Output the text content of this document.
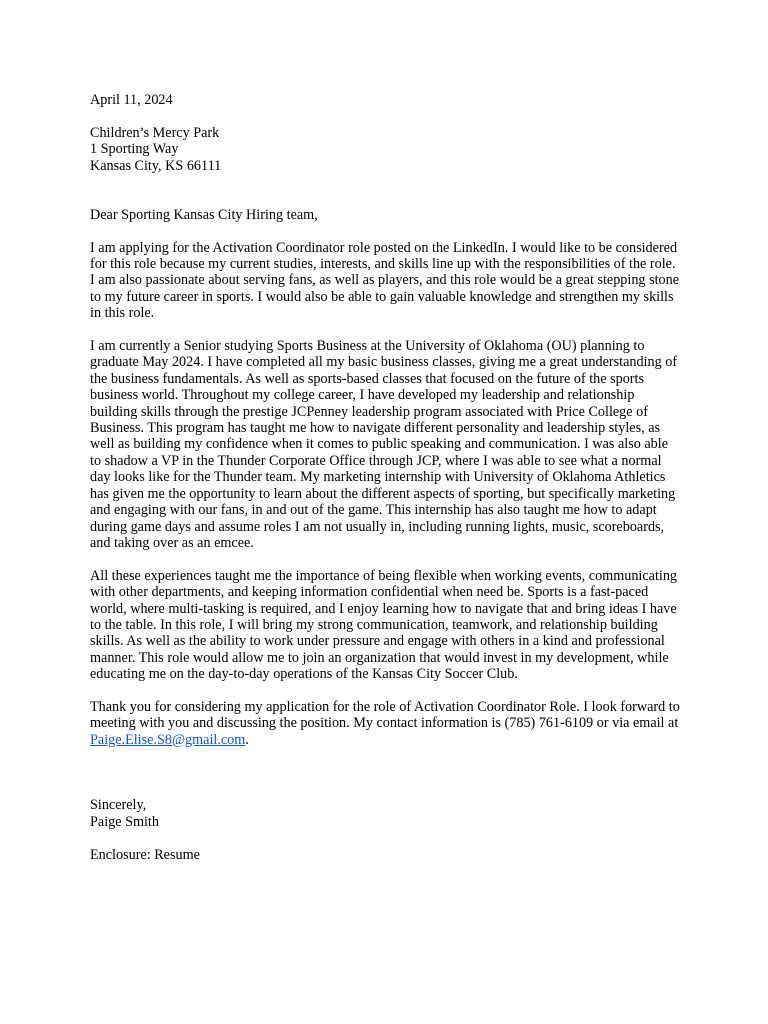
April 11, 2024

Children’s Mercy Park

1 Sporting Way

Kansas City, KS 66111

Dear Sporting Kansas City Hiring team,

I am applying for the Activation Coordinator role posted on the LinkedIn. I would like to be considered for this role because my current studies, interests, and skills line up with the responsibilities of the role. I am also passionate about serving fans, as well as players, and this role would be a great stepping stone to my future career in sports. I would also be able to gain valuable knowledge and strengthen my skills in this role.

I am currently a Senior studying Sports Business at the University of Oklahoma (OU) planning to graduate May 2024. I have completed all my basic business classes, giving me a great understanding of the business fundamentals. As well as sports-based classes that focused on the future of the sports business world. Throughout my college career, I have developed my leadership and relationship building skills through the prestige JCPenney leadership program associated with Price College of Business. This program has taught me how to navigate different personality and leadership styles, as well as building my confidence when it comes to public speaking and communication. I was also able to shadow a VP in the Thunder Corporate Office through JCP, where I was able to see what a normal day looks like for the Thunder team. My marketing internship with University of Oklahoma Athletics has given me the opportunity to learn about the different aspects of sporting, but specifically marketing and engaging with our fans, in and out of the game. This internship has also taught me how to adapt during game days and assume roles I am not usually in, including running lights, music, scoreboards, and taking over as an emcee.

All these experiences taught me the importance of being flexible when working events, communicating with other departments, and keeping information confidential when need be. Sports is a fast-paced world, where multi-tasking is required, and I enjoy learning how to navigate that and bring ideas I have to the table. In this role, I will bring my strong communication, teamwork, and relationship building skills. As well as the ability to work under pressure and engage with others in a kind and professional manner. This role would allow me to join an organization that would invest in my development, while educating me on the day-to-day operations of the Kansas City Soccer Club.

Thank you for considering my application for the role of Activation Coordinator Role. I look forward to meeting with you and discussing the position. My contact information is (785) 761-6109 or via email at Paige.Elise.S8@gmail.com.

Sincerely,

Paige Smith

Enclosure: Resume
